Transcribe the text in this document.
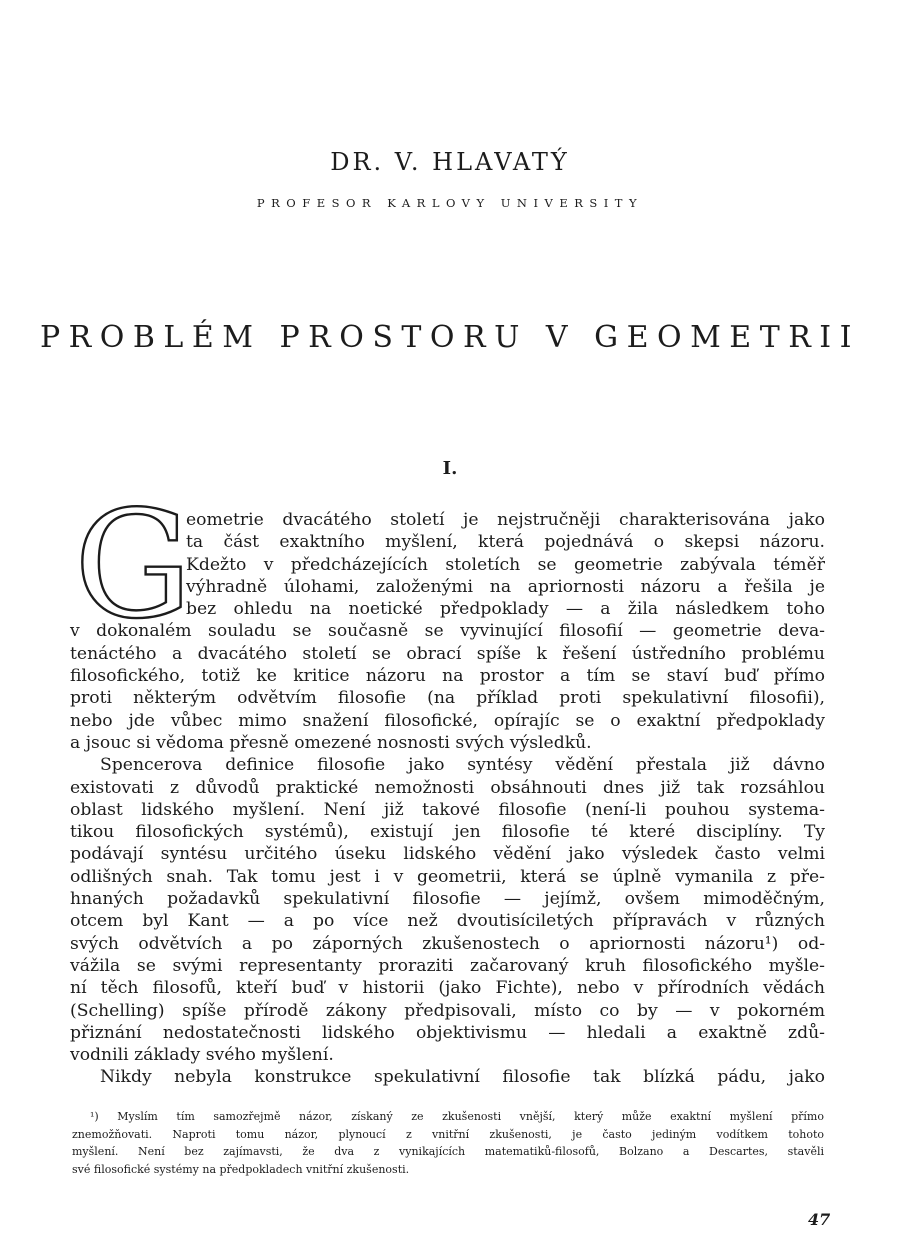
DR. V. HLAVATÝ
PROFESOR KARLOVY UNIVERSITY
PROBLÉM PROSTORU V GEOMETRII
I.
G
eometrie dvacátého století je nejstručněji charakterisována jako
ta část exaktního myšlení, která pojednává o skepsi názoru.
Kdežto v předcházejících stoletích se geometrie zabývala téměř
výhradně úlohami, založenými na apriornosti názoru a řešila je
bez ohledu na noetické předpoklady — a žila následkem toho
v dokonalém souladu se současně se vyvinující filosofií — geometrie deva-
tenáctého a dvacátého století se obrací spíše k řešení ústředního problému
filosofického, totiž ke kritice názoru na prostor a tím se staví buď přímo
proti některým odvětvím filosofie (na příklad proti spekulativní filosofii),
nebo jde vůbec mimo snažení filosofické, opírajíc se o exaktní předpoklady
a jsouc si vědoma přesně omezené nosnosti svých výsledků.
Spencerova definice filosofie jako syntésy vědění přestala již dávno
existovati z důvodů praktické nemožnosti obsáhnouti dnes již tak rozsáhlou
oblast lidského myšlení. Není již takové filosofie (není-li pouhou systema-
tikou filosofických systémů), existují jen filosofie té které disciplíny. Ty
podávají syntésu určitého úseku lidského vědění jako výsledek často velmi
odlišných snah. Tak tomu jest i v geometrii, která se úplně vymanila z pře-
hnaných požadavků spekulativní filosofie — jejímž, ovšem mimoděčným,
otcem byl Kant — a po více než dvoutisíciletých přípravách v různých
svých odvětvích a po záporných zkušenostech o apriornosti názoru¹) od-
vážila se svými representanty proraziti začarovaný kruh filosofického myšle-
ní těch filosofů, kteří buď v historii (jako Fichte), nebo v přírodních vědách
(Schelling) spíše přírodě zákony předpisovali, místo co by — v pokorném
přiznání nedostatečnosti lidského objektivismu — hledali a exaktně zdů-
vodnili základy svého myšlení.
Nikdy nebyla konstrukce spekulativní filosofie tak blízká pádu, jako
¹) Myslím tím samozřejmě názor, získaný ze zkušenosti vnější, který může exaktní myšlení přímo
znemožňovati. Naproti tomu názor, plynoucí z vnitřní zkušenosti, je často jediným vodítkem tohoto
myšlení. Není bez zajímavsti, že dva z vynikajících matematiků-filosofů, Bolzano a Descartes, stavěli
své filosofické systémy na předpokladech vnitřní zkušenosti.
47
